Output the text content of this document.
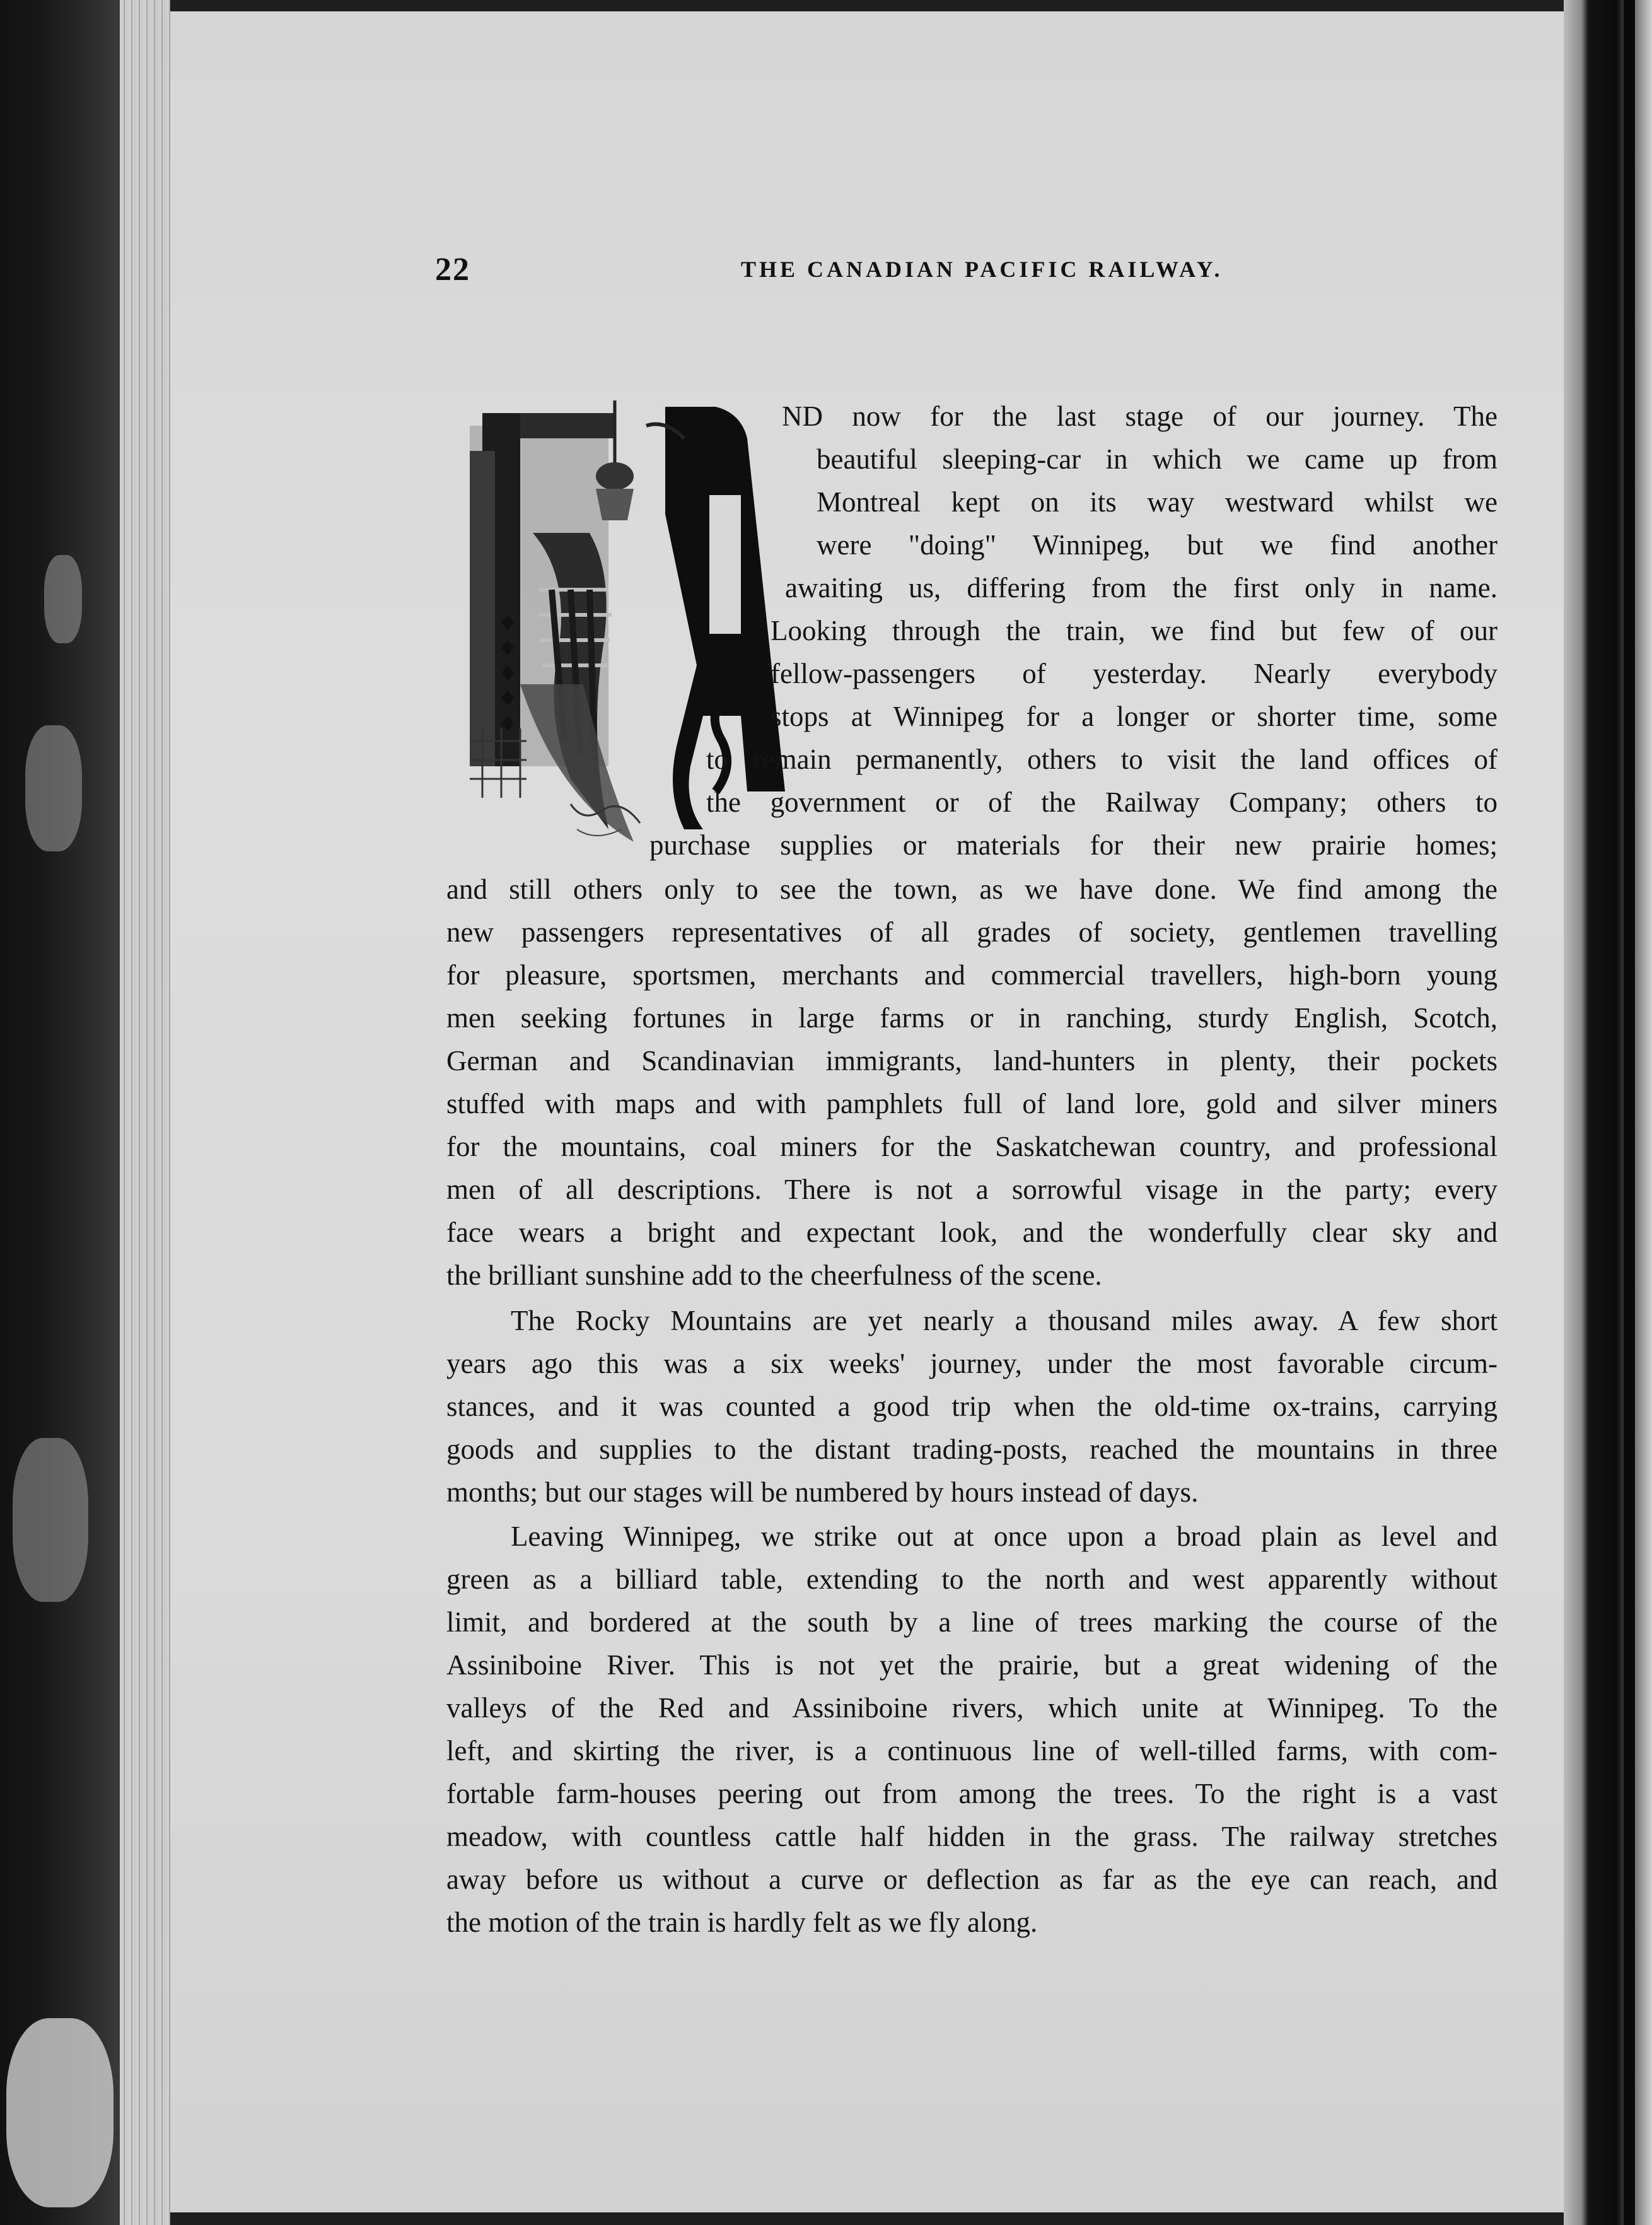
22	THE CANADIAN PACIFIC RAILWAY.
ND now for the last stage of our journey. The
beautiful sleeping-car in which we came up from
Montreal kept on its way westward whilst we
were "doing" Winnipeg, but we find another
awaiting us, differing from the first only in name.
Looking through the train, we find but few of our
fellow-passengers of yesterday. Nearly everybody
stops at Winnipeg for a longer or shorter time, some
to remain permanently, others to visit the land offices of
the government or of the Railway Company; others to
purchase supplies or materials for their new prairie homes;
and still others only to see the town, as we have done. We find among the
new passengers representatives of all grades of society, gentlemen travelling
for pleasure, sportsmen, merchants and commercial travellers, high-born young
men seeking fortunes in large farms or in ranching, sturdy English, Scotch,
German and Scandinavian immigrants, land-hunters in plenty, their pockets
stuffed with maps and with pamphlets full of land lore, gold and silver miners
for the mountains, coal miners for the Saskatchewan country, and professional
men of all descriptions. There is not a sorrowful visage in the party; every
face wears a bright and expectant look, and the wonderfully clear sky and
the brilliant sunshine add to the cheerfulness of the scene.
The Rocky Mountains are yet nearly a thousand miles away. A few short
years ago this was a six weeks' journey, under the most favorable circum-
stances, and it was counted a good trip when the old-time ox-trains, carrying
goods and supplies to the distant trading-posts, reached the mountains in three
months; but our stages will be numbered by hours instead of days.
Leaving Winnipeg, we strike out at once upon a broad plain as level and
green as a billiard table, extending to the north and west apparently without
limit, and bordered at the south by a line of trees marking the course of the
Assiniboine River. This is not yet the prairie, but a great widening of the
valleys of the Red and Assiniboine rivers, which unite at Winnipeg. To the
left, and skirting the river, is a continuous line of well-tilled farms, with com-
fortable farm-houses peering out from among the trees. To the right is a vast
meadow, with countless cattle half hidden in the grass. The railway stretches
away before us without a curve or deflection as far as the eye can reach, and
the motion of the train is hardly felt as we fly along.
